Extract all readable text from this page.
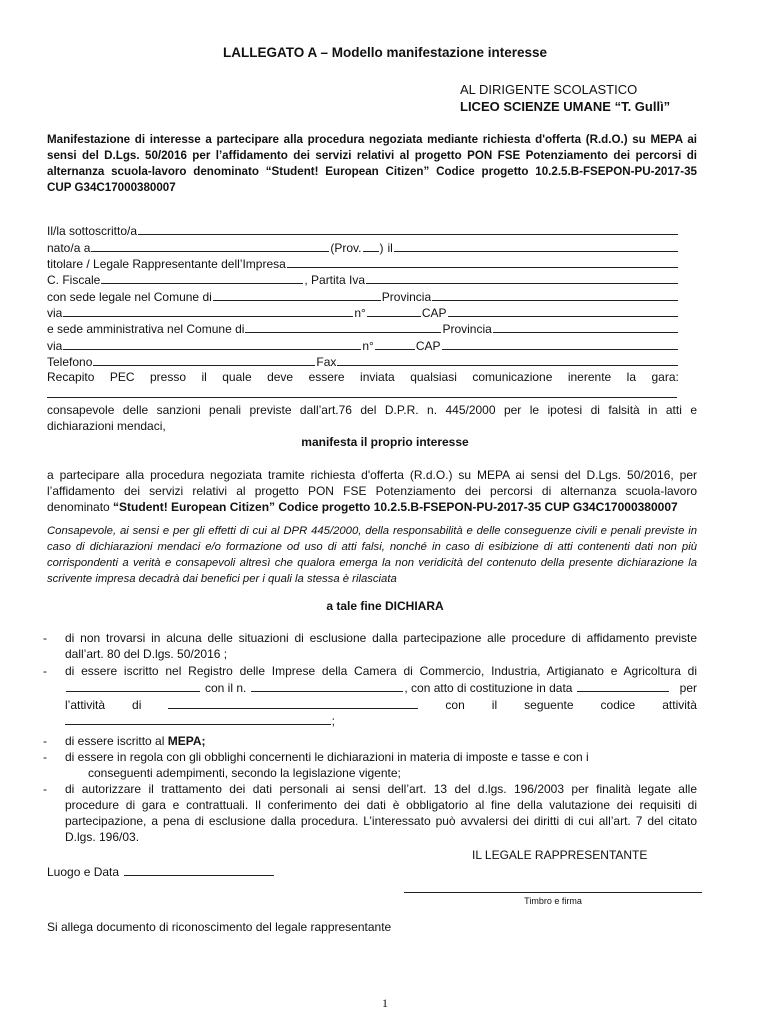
LALLEGATO A – Modello manifestazione interesse

AL DIRIGENTE SCOLASTICO

LICEO SCIENZE UMANE “T. Gullì”

Manifestazione di interesse a partecipare alla procedura negoziata mediante richiesta d'offerta (R.d.O.) su MEPA ai

sensi del D.Lgs. 50/2016 per l’affidamento dei servizi relativi al progetto PON FSE Potenziamento dei percorsi di

alternanza scuola-lavoro denominato “Student! European Citizen” Codice progetto 10.2.5.B-FSEPON-PU-2017-35

CUP G34C17000380007

Il/la sottoscritto/a
nato/a a	(Prov. ) il
titolare / Legale Rappresentante dell’Impresa
C. Fiscale	, Partita Iva
con sede legale nel Comune di	Provincia
via	n°	CAP
e sede amministrativa nel Comune di	Provincia
via	n°	CAP
Telefono	Fax
Recapito PEC presso il quale deve essere inviata qualsiasi comunicazione inerente la gara:

consapevole delle sanzioni penali previste dall’art.76 del D.P.R. n. 445/2000 per le ipotesi di falsità in atti e

dichiarazioni mendaci,

manifesta il proprio interesse

a partecipare alla procedura negoziata tramite richiesta d'offerta (R.d.O.) su MEPA ai sensi del D.Lgs. 50/2016, per

l’affidamento dei servizi relativi al progetto PON FSE Potenziamento dei percorsi di alternanza scuola-lavoro

denominato “Student! European Citizen” Codice progetto 10.2.5.B-FSEPON-PU-2017-35 CUP G34C17000380007

Consapevole, ai sensi e per gli effetti di cui al DPR 445/2000, della responsabilità e delle conseguenze civili e penali previste in

caso di dichiarazioni mendaci e/o formazione od uso di atti falsi, nonché in caso di esibizione di atti contenenti dati non più

corrispondenti a verità e consapevoli altresì che qualora emerga la non veridicità del contenuto della presente dichiarazione la

scrivente impresa decadrà dai benefici per i quali la stessa è rilasciata

a tale fine DICHIARA

- di non trovarsi in alcuna delle situazioni di esclusione dalla partecipazione alle procedure di affidamento previste

dall’art. 80 del D.lgs. 50/2016 ;

- di essere iscritto nel Registro delle Imprese della Camera di Commercio, Industria, Artigianato e Agricoltura di

con il n.	, con atto di costituzione in data	per
l’attività di	con il seguente codice attività
;
- di essere iscritto al MEPA;

- di essere in regola con gli obblighi concernenti le dichiarazioni in materia di imposte e tasse e con i

conseguenti adempimenti, secondo la legislazione vigente;

- di autorizzare il trattamento dei dati personali ai sensi dell’art. 13 del d.lgs. 196/2003 per finalità legate alle

procedure di gara e contrattuali. Il conferimento dei dati è obbligatorio al fine della valutazione dei requisiti di

partecipazione, a pena di esclusione dalla procedura. L’interessato può avvalersi dei diritti di cui all’art. 7 del citato

D.lgs. 196/03.

IL LEGALE RAPPRESENTANTE

Luogo e Data

Timbro e firma

Si allega documento di riconoscimento del legale rappresentante

1
